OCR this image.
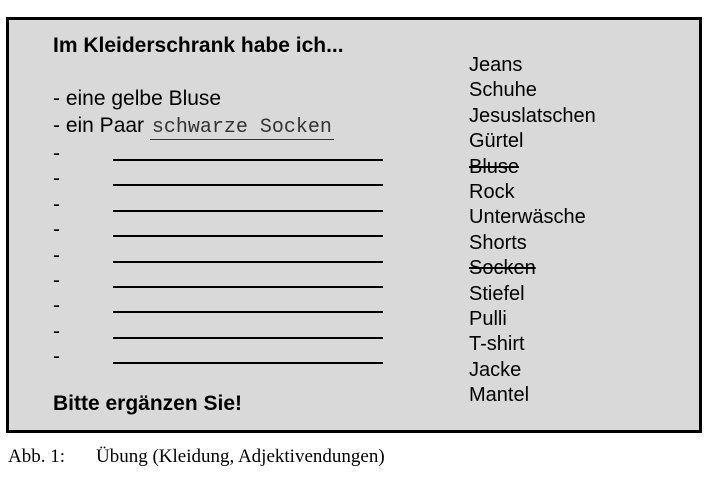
Im Kleiderschrank habe ich...
- eine gelbe Bluse
- ein Paar schwarze Socken
-
-
-
-
-
-
-
-
-
Jeans
Schuhe
Jesuslatschen
Gürtel
Bluse
Rock
Unterwäsche
Shorts
Socken
Stiefel
Pulli
T-shirt
Jacke
Mantel
Bitte ergänzen Sie!
Abb. 1: Übung (Kleidung, Adjektivendungen)
